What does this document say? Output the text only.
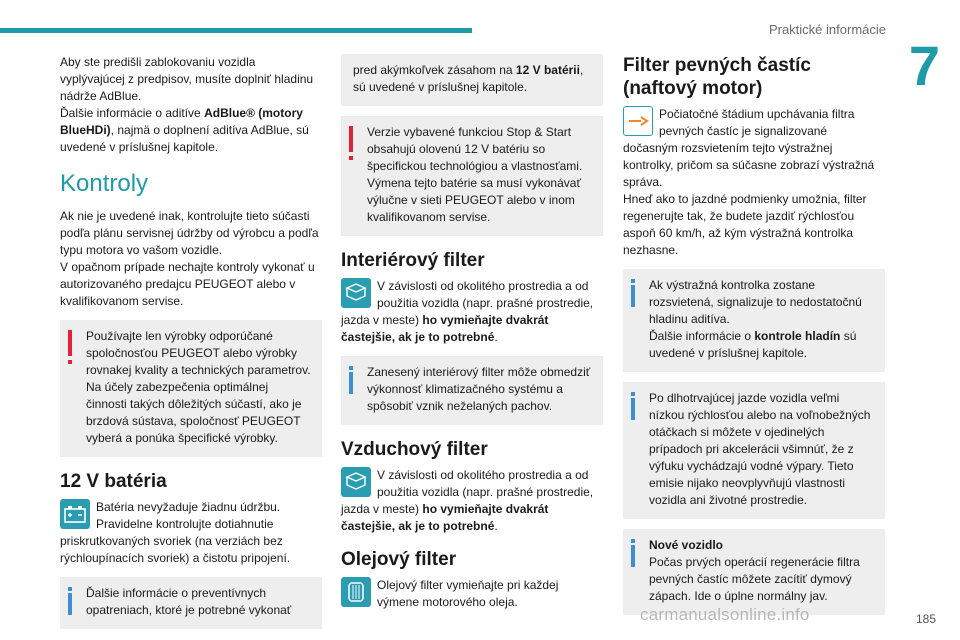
Praktické informácie
7

Aby ste predišli zablokovaniu vozidla
vyplývajúcej z predpisov, musíte doplniť hladinu
nádrže AdBlue.
Ďalšie informácie o aditíve AdBlue® (motory BlueHDi), najmä o doplnení aditíva AdBlue, sú uvedené v príslušnej kapitole.

Kontroly

Ak nie je uvedené inak, kontrolujte tieto súčasti podľa plánu servisnej údržby od výrobcu a podľa typu motora vo vašom vozidle.

V opačnom prípade nechajte kontroly vykonať u autorizovaného predajcu PEUGEOT alebo v kvalifikovanom servise.

Používajte len výrobky odporúčané spoločnosťou PEUGEOT alebo výrobky rovnakej kvality a technických parametrov. Na účely zabezpečenia optimálnej činnosti takých dôležitých súčastí, ako je brzdová sústava, spoločnosť PEUGEOT vyberá a ponúka špecifické výrobky.

12 V batéria

Batéria nevyžaduje žiadnu údržbu. Pravidelne kontrolujte dotiahnutie priskrutkovaných svoriek (na verziách bez rýchloupínacích svoriek) a čistotu pripojení.

Ďalšie informácie o preventívnych opatreniach, ktoré je potrebné vykonať

pred akýmkoľvek zásahom na 12 V batérii, sú uvedené v príslušnej kapitole.

Verzie vybavené funkciou Stop & Start obsahujú olovenú 12 V batériu so špecifickou technológiou a vlastnosťami. Výmena tejto batérie sa musí vykonávať výlučne v sieti PEUGEOT alebo v inom kvalifikovanom servise.

Interiérový filter

V závislosti od okolitého prostredia a od použitia vozidla (napr. prašné prostredie, jazda v meste) ho vymieňajte dvakrát častejšie, ak je to potrebné.

Zanesený interiérový filter môže obmedziť výkonnosť klimatizačného systému a spôsobiť vznik neželaných pachov.

Vzduchový filter

V závislosti od okolitého prostredia a od použitia vozidla (napr. prašné prostredie, jazda v meste) ho vymieňajte dvakrát častejšie, ak je to potrebné.

Olejový filter

Olejový filter vymieňajte pri každej výmene motorového oleja.

Filter pevných častíc (naftový motor)

Počiatočné štádium upchávania filtra pevných častíc je signalizované dočasným rozsvietením tejto výstražnej kontrolky, pričom sa súčasne zobrazí výstražná správa.

Hneď ako to jazdné podmienky umožnia, filter regenerujte tak, že budete jazdiť rýchlosťou aspoň 60 km/h, až kým výstražná kontrolka nezhasne.

Ak výstražná kontrolka zostane rozsvietená, signalizuje to nedostatočnú hladinu aditíva.

Ďalšie informácie o kontrole hladín sú uvedené v príslušnej kapitole.

Po dlhotrvajúcej jazde vozidla veľmi nízkou rýchlosťou alebo na voľnobežných otáčkach si môžete v ojedinelých prípadoch pri akcelerácii všimnúť, že z výfuku vychádzajú vodné výpary. Tieto emisie nijako neovplyvňujú vlastnosti vozidla ani životné prostredie.

Nové vozidlo

Počas prvých operácií regenerácie filtra pevných častíc môžete zacítiť dymový zápach. Ide o úplne normálny jav.

carmanualsonline.info	185
